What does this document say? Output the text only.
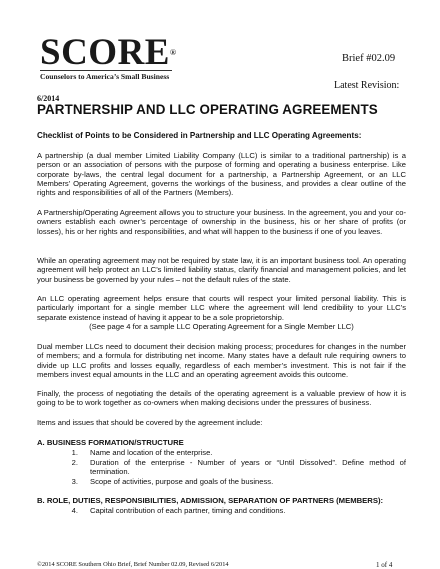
SCORE®
Counselors to America’s Small Business
Brief #02.09
Latest Revision:
6/2014
PARTNERSHIP AND LLC OPERATING AGREEMENTS
Checklist of Points to be Considered in Partnership and LLC Operating Agreements:

A partnership (a dual member Limited Liability Company (LLC) is similar to a traditional partnership) is a person or an association of persons with the purpose of forming and operating a business enterprise. Like corporate by-laws, the central legal document for a partnership, a Partnership Agreement, or an LLC Members’ Operating Agreement, governs the workings of the business, and provides a clear outline of the rights and responsibilities of all of the Partners (Members).

A Partnership/Operating Agreement allows you to structure your business. In the agreement, you and your co-owners establish each owner’s percentage of ownership in the business, his or her share of profits (or losses), his or her rights and responsibilities, and what will happen to the business if one of you leaves.

While an operating agreement may not be required by state law, it is an important business tool. An operating agreement will help protect an LLC’s limited liability status, clarify financial and management policies, and let your business be governed by your rules – not the default rules of the state.

An LLC operating agreement helps ensure that courts will respect your limited personal liability. This is particularly important for a single member LLC where the agreement will lend credibility to your LLC’s separate existence instead of having it appear to be a sole proprietorship.

(See page 4 for a sample LLC Operating Agreement for a Single Member LLC)

Dual member LLCs need to document their decision making process; procedures for changes in the number of members; and a formula for distributing net income. Many states have a default rule requiring owners to divide up LLC profits and losses equally, regardless of each member’s investment. This is not fair if the members invest equal amounts in the LLC and an operating agreement avoids this outcome.

Finally, the process of negotiating the details of the operating agreement is a valuable preview of how it is going to be to work together as co-owners when making decisions under the pressures of business.

Items and issues that should be covered by the agreement include:

A. BUSINESS FORMATION/STRUCTURE
1. Name and location of the enterprise.
2. Duration of the enterprise - Number of years or “Until Dissolved”. Define method of termination.
3. Scope of activities, purpose and goals of the business.
B. ROLE, DUTIES, RESPONSIBILITIES, ADMISSION, SEPARATION OF PARTNERS (MEMBERS):
4. Capital contribution of each partner, timing and conditions.
©2014 SCORE Southern Ohio Brief, Brief Number 02.09, Revised 6/2014	1 of 4
